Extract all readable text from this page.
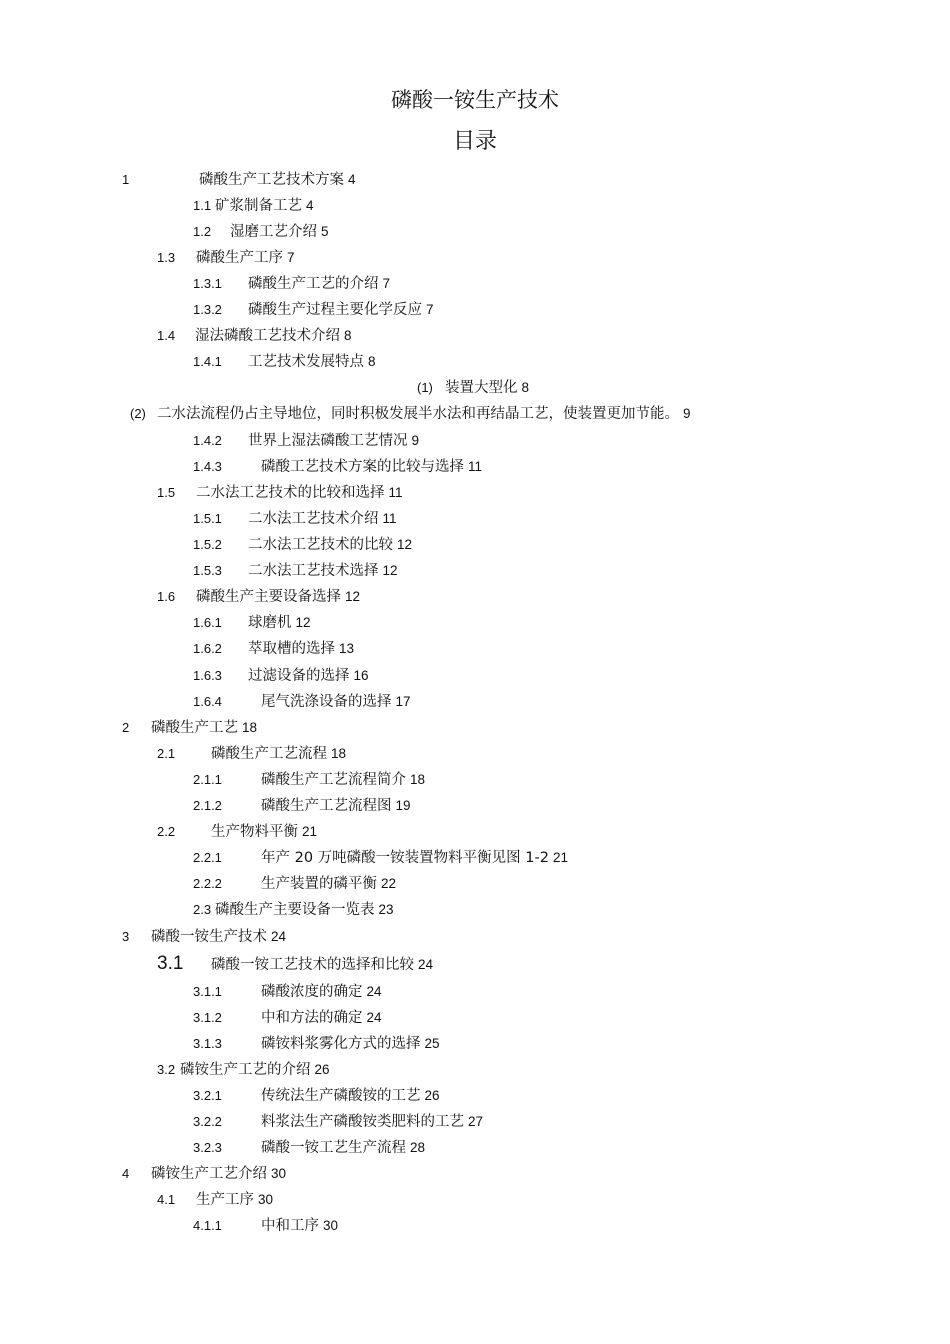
磷酸一铵生产技术
目录
1	磷酸生产工艺技术方案 4
1.1 矿浆制备工艺 4
1.2 湿磨工艺介绍 5
1.3 磷酸生产工序 7
1.3.1 磷酸生产工艺的介绍 7
1.3.2 磷酸生产过程主要化学反应 7
1.4 湿法磷酸工艺技术介绍 8
1.4.1 工艺技术发展特点 8
(1) 装置大型化 8
(2) 二水法流程仍占主导地位，同时积极发展半水法和再结晶工艺，使装置更加节能。 9
1.4.2 世界上湿法磷酸工艺情况 9
1.4.3	磷酸工艺技术方案的比较与选择 11
1.5 二水法工艺技术的比较和选择 11
1.5.1 二水法工艺技术介绍 11
1.5.2 二水法工艺技术的比较 12
1.5.3 二水法工艺技术选择 12
1.6 磷酸生产主要设备选择 12
1.6.1 球磨机 12
1.6.2 萃取槽的选择 13
1.6.3 过滤设备的选择 16
1.6.4	尾气洗涤设备的选择 17
2 磷酸生产工艺 18
2.1 磷酸生产工艺流程 18
2.1.1	磷酸生产工艺流程简介 18
2.1.2	磷酸生产工艺流程图 19
2.2 生产物料平衡 21
2.2.1	年产 20 万吨磷酸一铵装置物料平衡见图 1-2 21
2.2.2	生产装置的磷平衡 22
2.3 磷酸生产主要设备一览表 23
3 磷酸一铵生产技术 24
3.1 磷酸一铵工艺技术的选择和比较 24
3.1.1	磷酸浓度的确定 24
3.1.2	中和方法的确定 24
3.1.3	磷铵料浆雾化方式的选择 25
3.2 磷铵生产工艺的介绍 26
3.2.1	传统法生产磷酸铵的工艺 26
3.2.2	料浆法生产磷酸铵类肥料的工艺 27
3.2.3	磷酸一铵工艺生产流程 28
4 磷铵生产工艺介绍 30
4.1 生产工序 30
4.1.1	中和工序 30
